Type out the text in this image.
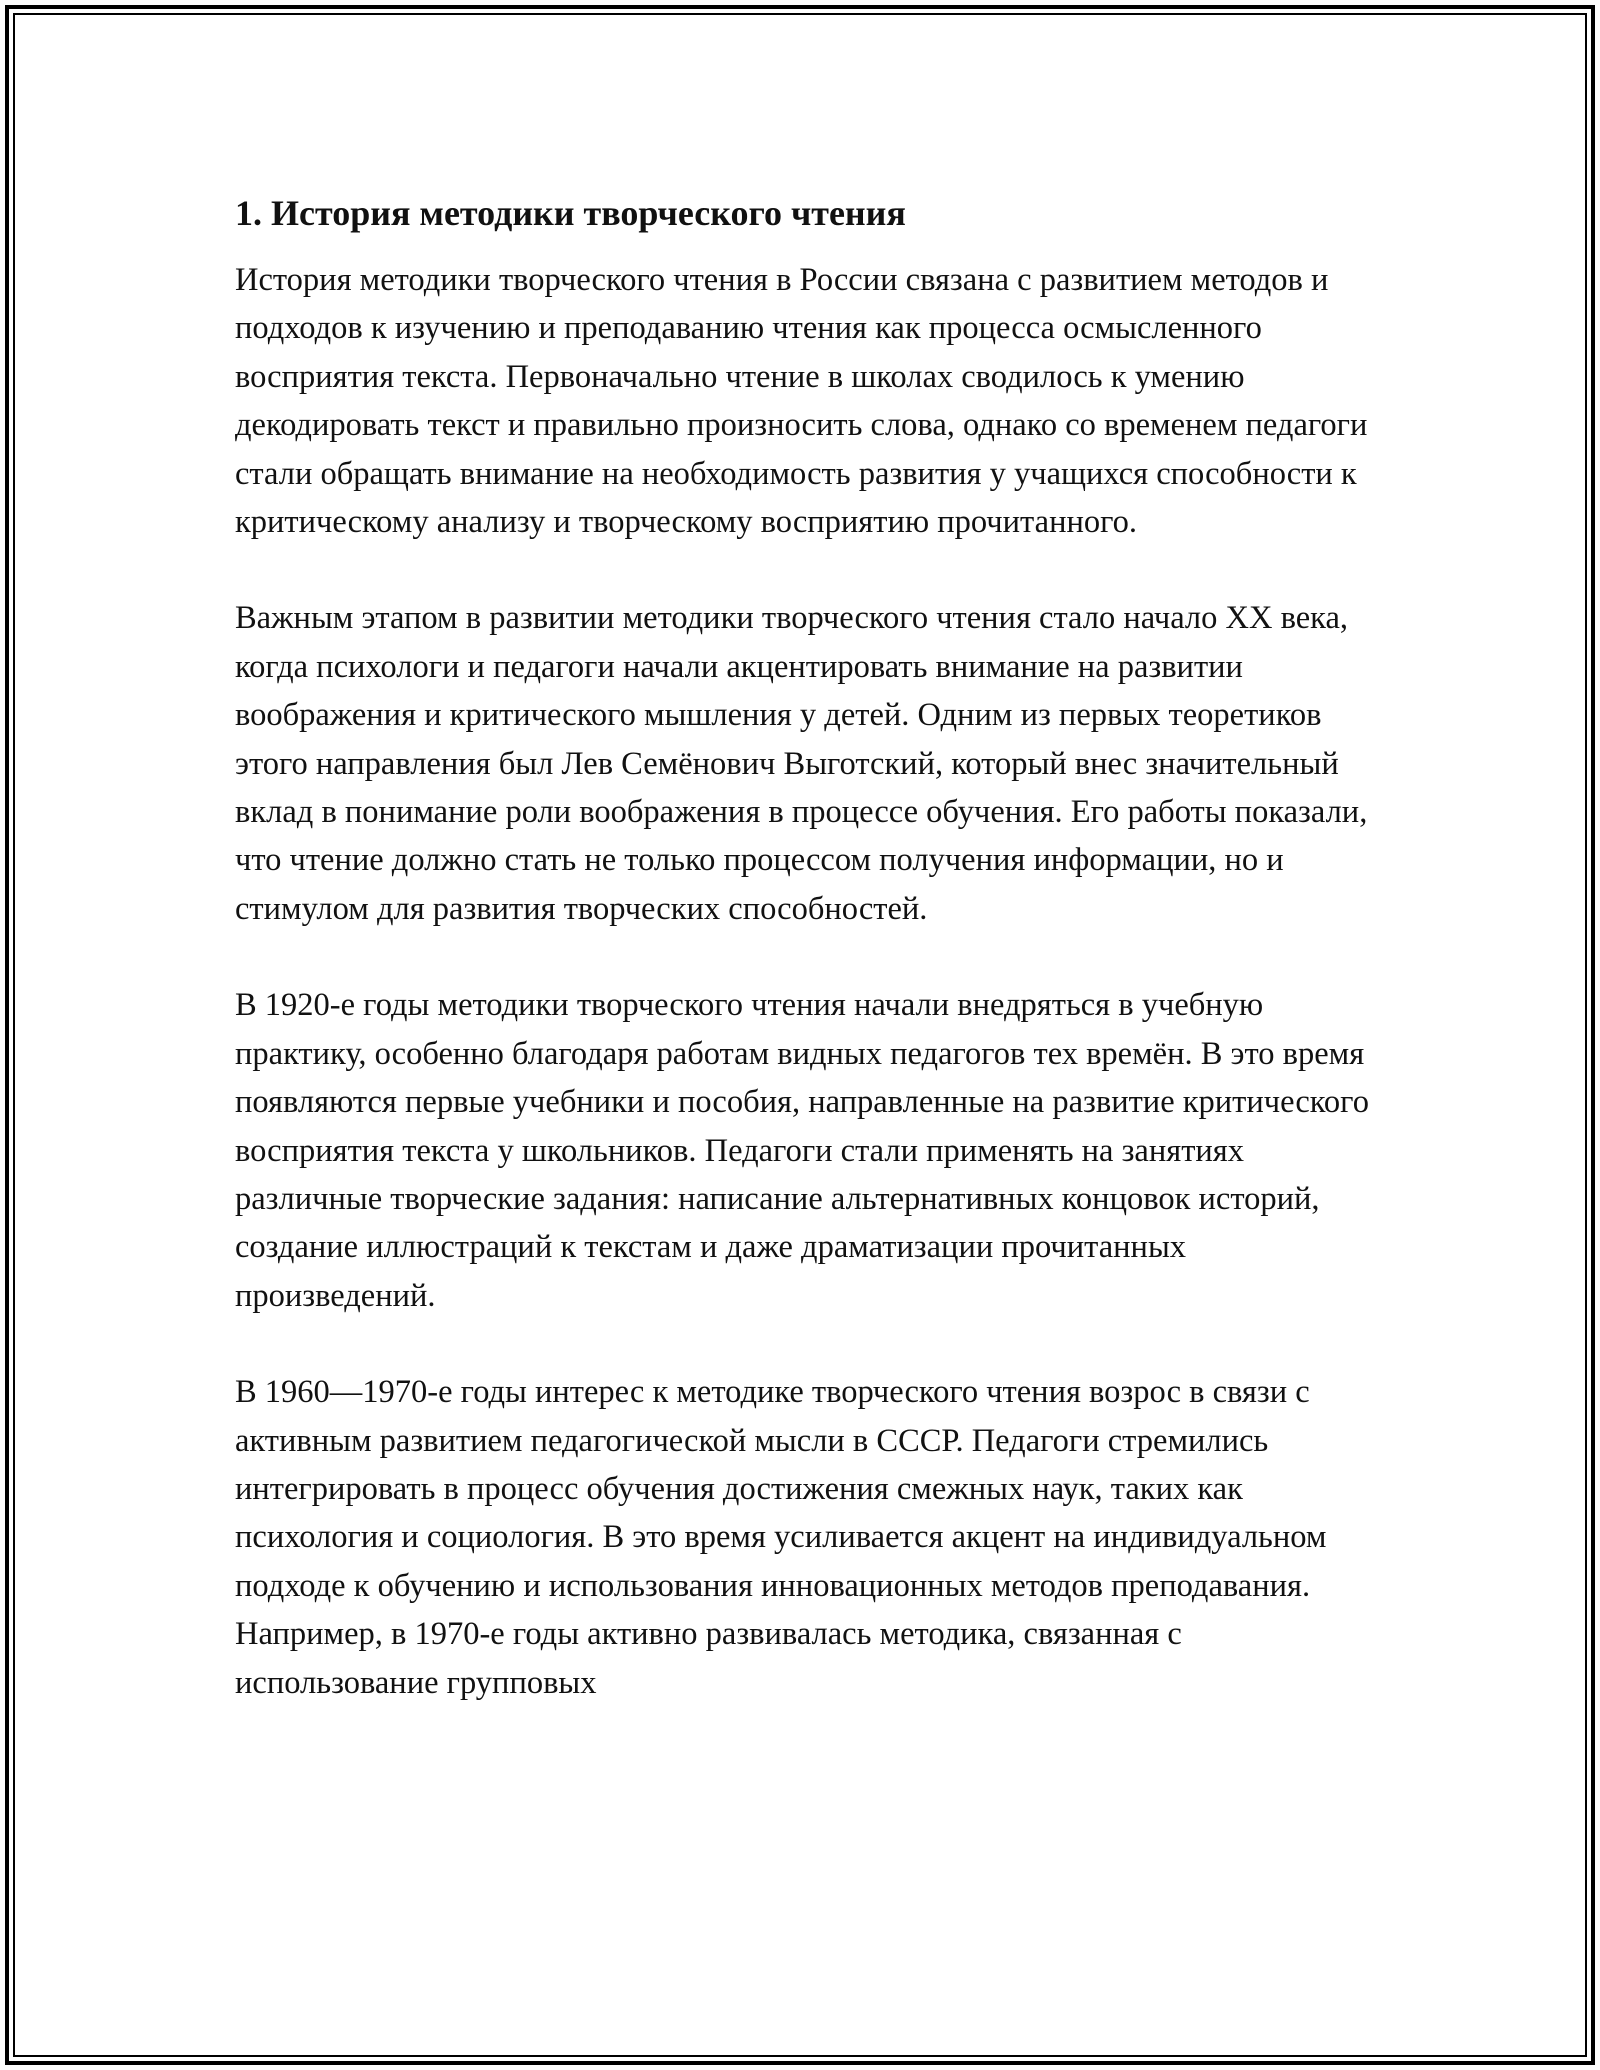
1. История методики творческого чтения

История методики творческого чтения в России связана с развитием методов и подходов к изучению и преподаванию чтения как процесса осмысленного восприятия текста. Первоначально чтение в школах сводилось к умению декодировать текст и правильно произносить слова, однако со временем педагоги стали обращать внимание на необходимость развития у учащихся способности к критическому анализу и творческому восприятию прочитанного.

Важным этапом в развитии методики творческого чтения стало начало XX века, когда психологи и педагоги начали акцентировать внимание на развитии воображения и критического мышления у детей. Одним из первых теоретиков этого направления был Лев Семёнович Выготский, который внес значительный вклад в понимание роли воображения в процессе обучения. Его работы показали, что чтение должно стать не только процессом получения информации, но и стимулом для развития творческих способностей.

В 1920-е годы методики творческого чтения начали внедряться в учебную практику, особенно благодаря работам видных педагогов тех времён. В это время появляются первые учебники и пособия, направленные на развитие критического восприятия текста у школьников. Педагоги стали применять на занятиях различные творческие задания: написание альтернативных концовок историй, создание иллюстраций к текстам и даже драматизации прочитанных произведений.

В 1960—1970-е годы интерес к методике творческого чтения возрос в связи с активным развитием педагогической мысли в СССР. Педагоги стремились интегрировать в процесс обучения достижения смежных наук, таких как психология и социология. В это время усиливается акцент на индивидуальном подходе к обучению и использования инновационных методов преподавания. Например, в 1970-е годы активно развивалась методика, связанная с использование групповых
